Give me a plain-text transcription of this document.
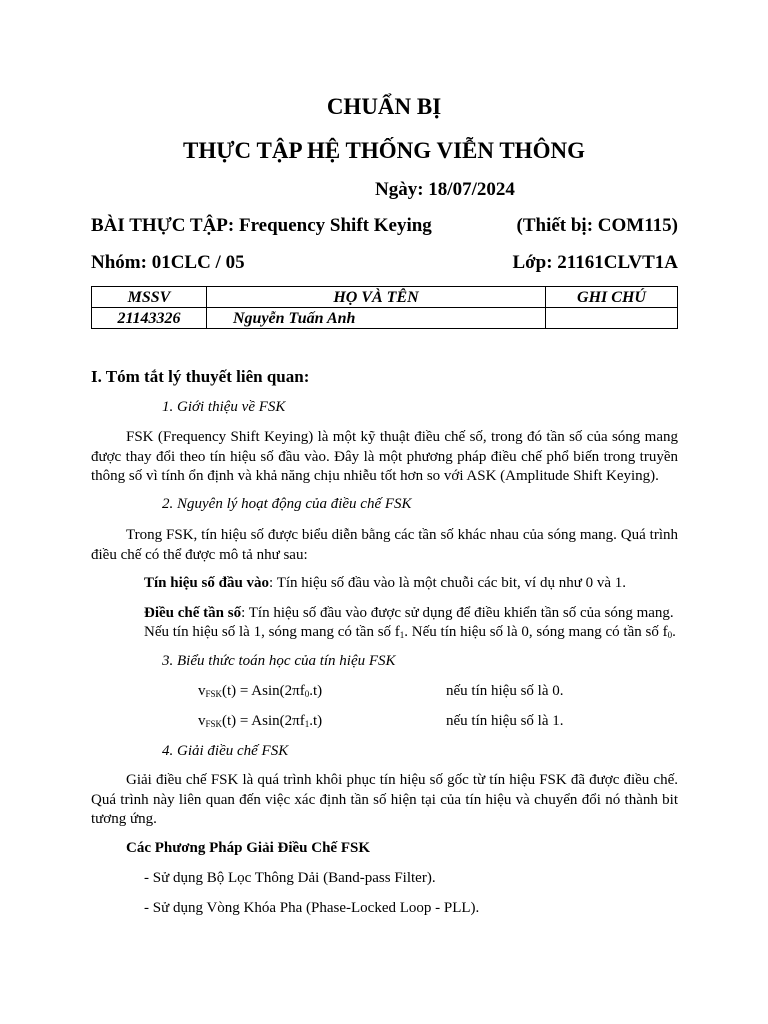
CHUẨN BỊ
THỰC TẬP HỆ THỐNG VIỄN THÔNG
Ngày: 18/07/2024
BÀI THỰC TẬP: Frequency Shift Keying	(Thiết bị: COM115)
Nhóm: 01CLC / 05	Lớp: 21161CLVT1A
MSSV	HỌ VÀ TÊN	GHI CHÚ
21143326	Nguyễn Tuấn Anh	
I. Tóm tắt lý thuyết liên quan:
1. Giới thiệu về FSK
FSK (Frequency Shift Keying) là một kỹ thuật điều chế số, trong đó tần số của sóng mang được thay đổi theo tín hiệu số đầu vào. Đây là một phương pháp điều chế phổ biến trong truyền thông số vì tính ổn định và khả năng chịu nhiễu tốt hơn so với ASK (Amplitude Shift Keying).
2. Nguyên lý hoạt động của điều chế FSK
Trong FSK, tín hiệu số được biểu diễn bằng các tần số khác nhau của sóng mang. Quá trình điều chế có thể được mô tả như sau:
Tín hiệu số đầu vào: Tín hiệu số đầu vào là một chuỗi các bit, ví dụ như 0 và 1.
Điều chế tần số: Tín hiệu số đầu vào được sử dụng để điều khiển tần số của sóng mang.
Nếu tín hiệu số là 1, sóng mang có tần số $f_1$. Nếu tín hiệu số là 0, sóng mang có tần số $f_0$.
3. Biểu thức toán học của tín hiệu FSK
$v_{FSK}(t) = Asin(2\pi f_0.t)$	nếu tín hiệu số là 0.
$v_{FSK}(t) = Asin(2\pi f_1.t)$	nếu tín hiệu số là 1.
4. Giải điều chế FSK
Giải điều chế FSK là quá trình khôi phục tín hiệu số gốc từ tín hiệu FSK đã được điều chế. Quá trình này liên quan đến việc xác định tần số hiện tại của tín hiệu và chuyển đổi nó thành bit tương ứng.
Các Phương Pháp Giải Điều Chế FSK
- Sử dụng Bộ Lọc Thông Dải (Band-pass Filter).
- Sử dụng Vòng Khóa Pha (Phase-Locked Loop - PLL).
